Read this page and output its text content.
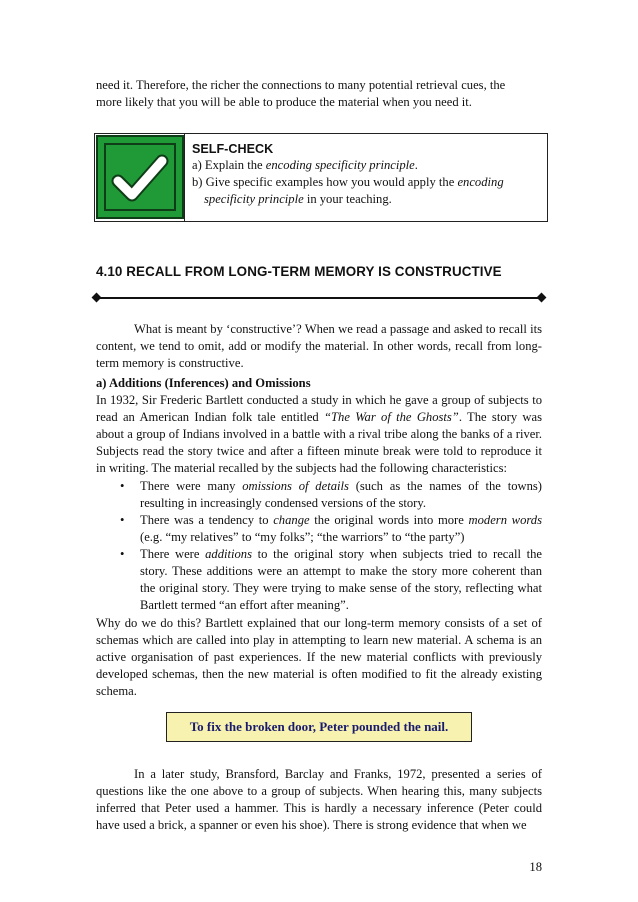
need it. Therefore, the richer the connections to many potential retrieval cues, the
more likely that you will be able to produce the material when you need it.
SELF-CHECK
a) Explain the encoding specificity principle.
b) Give specific examples how you would apply the encoding
specificity principle in your teaching.
4.10 RECALL FROM LONG-TERM MEMORY IS CONSTRUCTIVE
What is meant by ‘constructive’? When we read a passage and asked to recall its content, we tend to omit, add or modify the material. In other words, recall from long-term memory is constructive.
a) Additions (Inferences) and Omissions
In 1932, Sir Frederic Bartlett conducted a study in which he gave a group of subjects to read an American Indian folk tale entitled “The War of the Ghosts”. The story was about a group of Indians involved in a battle with a rival tribe along the banks of a river. Subjects read the story twice and after a fifteen minute break were told to reproduce it in writing. The material recalled by the subjects had the following characteristics:
• There were many omissions of details (such as the names of the towns) resulting in increasingly condensed versions of the story.
• There was a tendency to change the original words into more modern words (e.g. “my relatives” to “my folks”; “the warriors” to “the party”)
• There were additions to the original story when subjects tried to recall the story. These additions were an attempt to make the story more coherent than the original story. They were trying to make sense of the story, reflecting what Bartlett termed “an effort after meaning”.
Why do we do this? Bartlett explained that our long-term memory consists of a set of schemas which are called into play in attempting to learn new material. A schema is an active organisation of past experiences. If the new material conflicts with previously developed schemas, then the new material is often modified to fit the already existing schema.
To fix the broken door, Peter pounded the nail.
In a later study, Bransford, Barclay and Franks, 1972, presented a series of questions like the one above to a group of subjects. When hearing this, many subjects inferred that Peter used a hammer. This is hardly a necessary inference (Peter could have used a brick, a spanner or even his shoe). There is strong evidence that when we
18
